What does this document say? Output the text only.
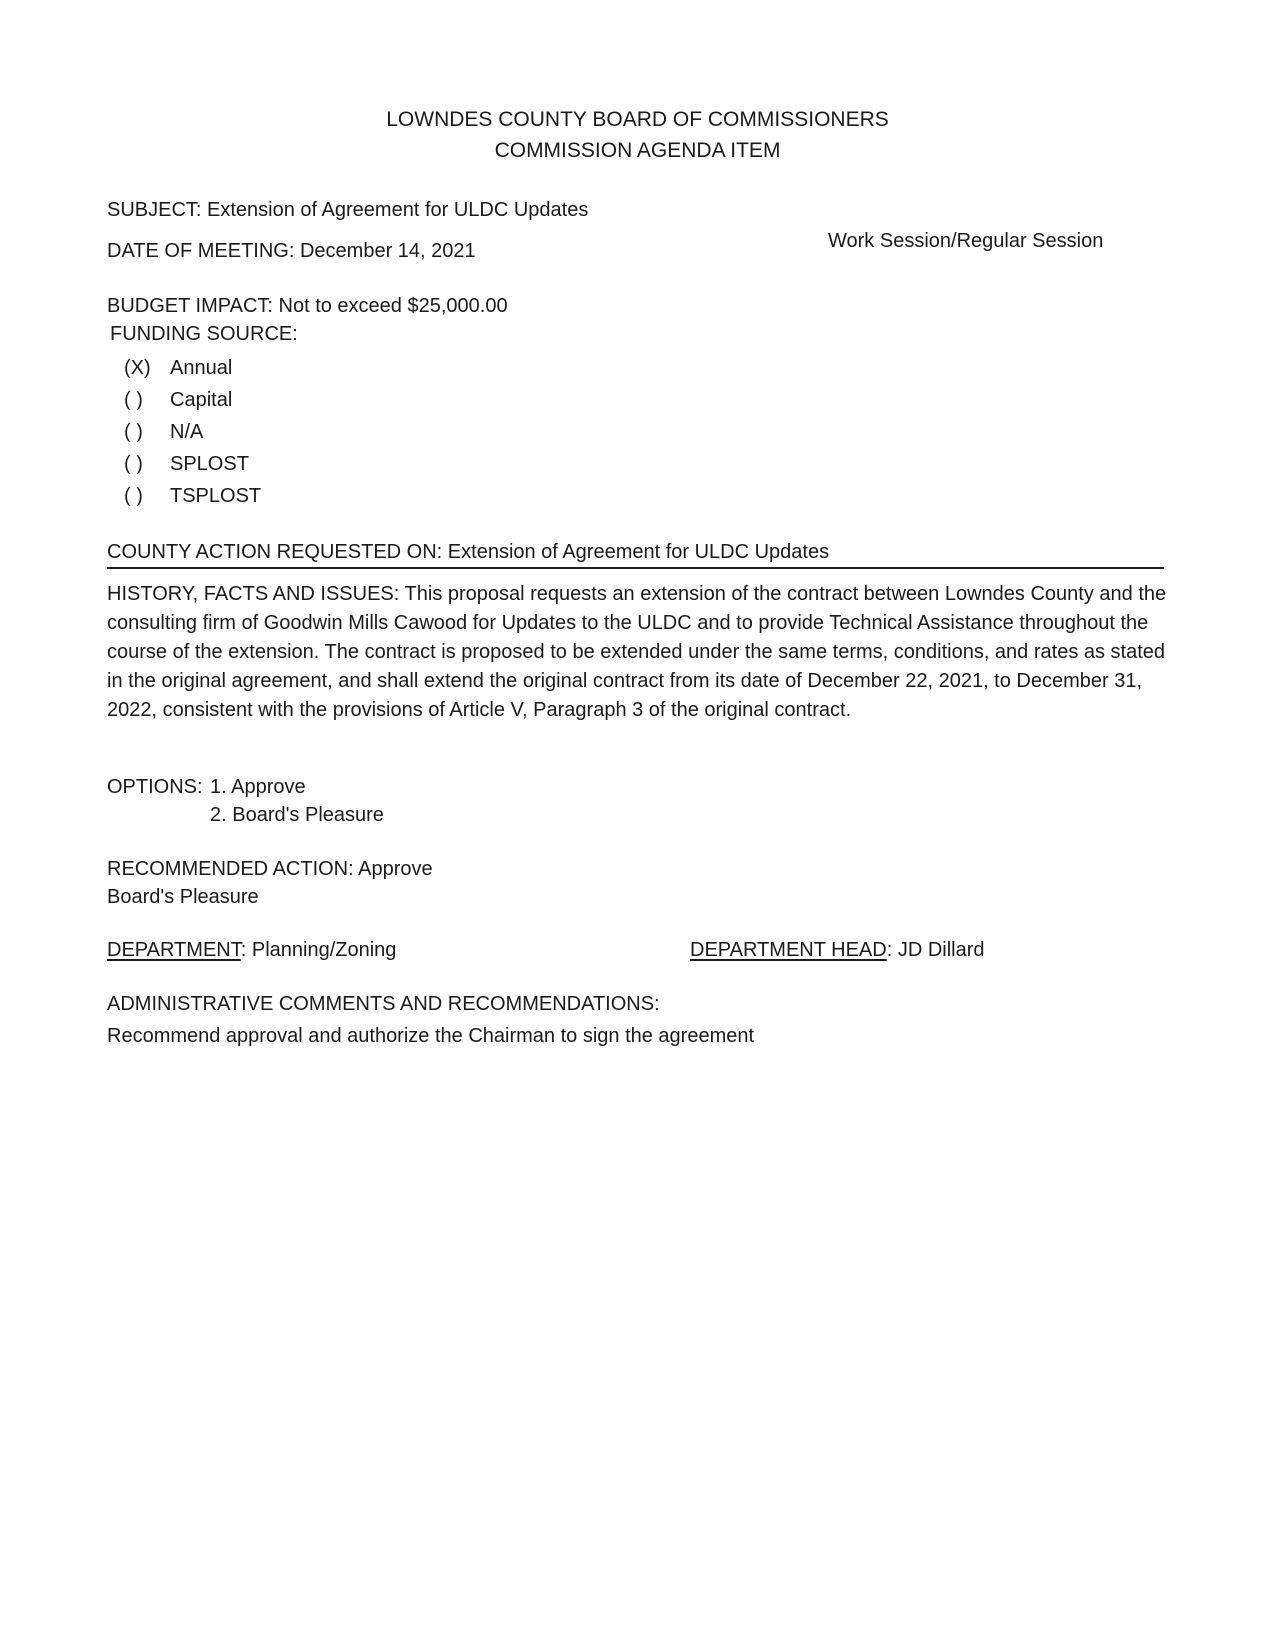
LOWNDES COUNTY BOARD OF COMMISSIONERS
COMMISSION AGENDA ITEM
SUBJECT: Extension of Agreement for ULDC Updates
DATE OF MEETING: December 14, 2021	Work Session/Regular Session
BUDGET IMPACT: Not to exceed $25,000.00
FUNDING SOURCE:
(X) Annual
( ) Capital
( ) N/A
( ) SPLOST
( ) TSPLOST
COUNTY ACTION REQUESTED ON: Extension of Agreement for ULDC Updates
HISTORY, FACTS AND ISSUES: This proposal requests an extension of the contract between Lowndes County and the consulting firm of Goodwin Mills Cawood for Updates to the ULDC and to provide Technical Assistance throughout the course of the extension. The contract is proposed to be extended under the same terms, conditions, and rates as stated in the original agreement, and shall extend the original contract from its date of December 22, 2021, to December 31, 2022, consistent with the provisions of Article V, Paragraph 3 of the original contract.
OPTIONS: 1. Approve
2. Board's Pleasure
RECOMMENDED ACTION: Approve
Board's Pleasure
DEPARTMENT: Planning/Zoning	DEPARTMENT HEAD: JD Dillard
ADMINISTRATIVE COMMENTS AND RECOMMENDATIONS:
Recommend approval and authorize the Chairman to sign the agreement
